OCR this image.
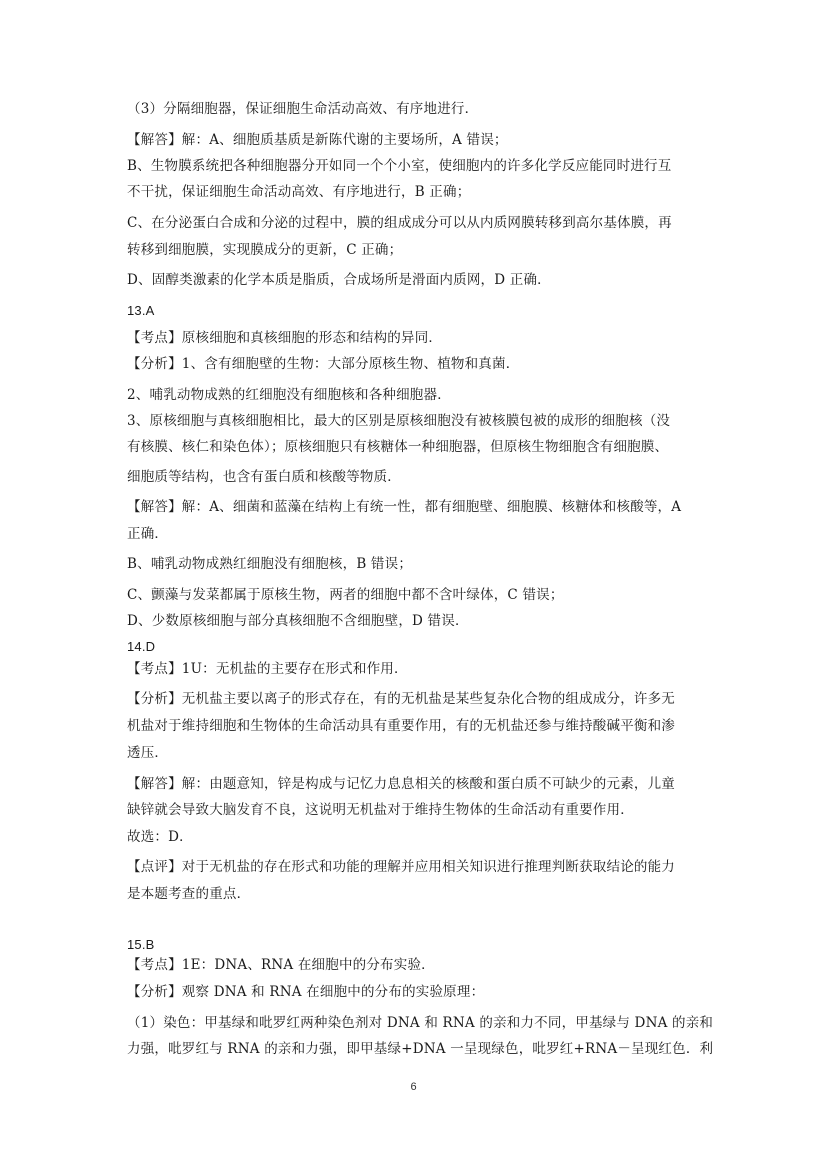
（3）分隔细胞器，保证细胞生命活动高效、有序地进行．
【解答】解：A、细胞质基质是新陈代谢的主要场所，A 错误；
B、生物膜系统把各种细胞器分开如同一个个小室，使细胞内的许多化学反应能同时进行互
不干扰，保证细胞生命活动高效、有序地进行，B 正确；
C、在分泌蛋白合成和分泌的过程中，膜的组成成分可以从内质网膜转移到高尔基体膜，再
转移到细胞膜，实现膜成分的更新，C 正确；
D、固醇类激素的化学本质是脂质，合成场所是滑面内质网，D 正确．
13.A
【考点】原核细胞和真核细胞的形态和结构的异同．
【分析】1、含有细胞壁的生物：大部分原核生物、植物和真菌．
2、哺乳动物成熟的红细胞没有细胞核和各种细胞器．
3、原核细胞与真核细胞相比，最大的区别是原核细胞没有被核膜包被的成形的细胞核（没
有核膜、核仁和染色体）；原核细胞只有核糖体一种细胞器，但原核生物细胞含有细胞膜、
细胞质等结构，也含有蛋白质和核酸等物质．
【解答】解：A、细菌和蓝藻在结构上有统一性，都有细胞壁、细胞膜、核糖体和核酸等，A
正确．
B、哺乳动物成熟红细胞没有细胞核，B 错误；
C、颤藻与发菜都属于原核生物，两者的细胞中都不含叶绿体，C 错误；
D、少数原核细胞与部分真核细胞不含细胞壁，D 错误．
14.D
【考点】1U：无机盐的主要存在形式和作用．
【分析】无机盐主要以离子的形式存在，有的无机盐是某些复杂化合物的组成成分，许多无
机盐对于维持细胞和生物体的生命活动具有重要作用，有的无机盐还参与维持酸碱平衡和渗
透压．
【解答】解：由题意知，锌是构成与记忆力息息相关的核酸和蛋白质不可缺少的元素，儿童
缺锌就会导致大脑发育不良，这说明无机盐对于维持生物体的生命活动有重要作用．
故选：D．
【点评】对于无机盐的存在形式和功能的理解并应用相关知识进行推理判断获取结论的能力
是本题考查的重点．
15.B
【考点】1E：DNA、RNA 在细胞中的分布实验．
【分析】观察 DNA 和 RNA 在细胞中的分布的实验原理：
（1）染色：甲基绿和吡罗红两种染色剂对 DNA 和 RNA 的亲和力不同，甲基绿与 DNA 的亲和
力强，吡罗红与 RNA 的亲和力强，即甲基绿+DNA 一呈现绿色，吡罗红+RNA－呈现红色．利
6
